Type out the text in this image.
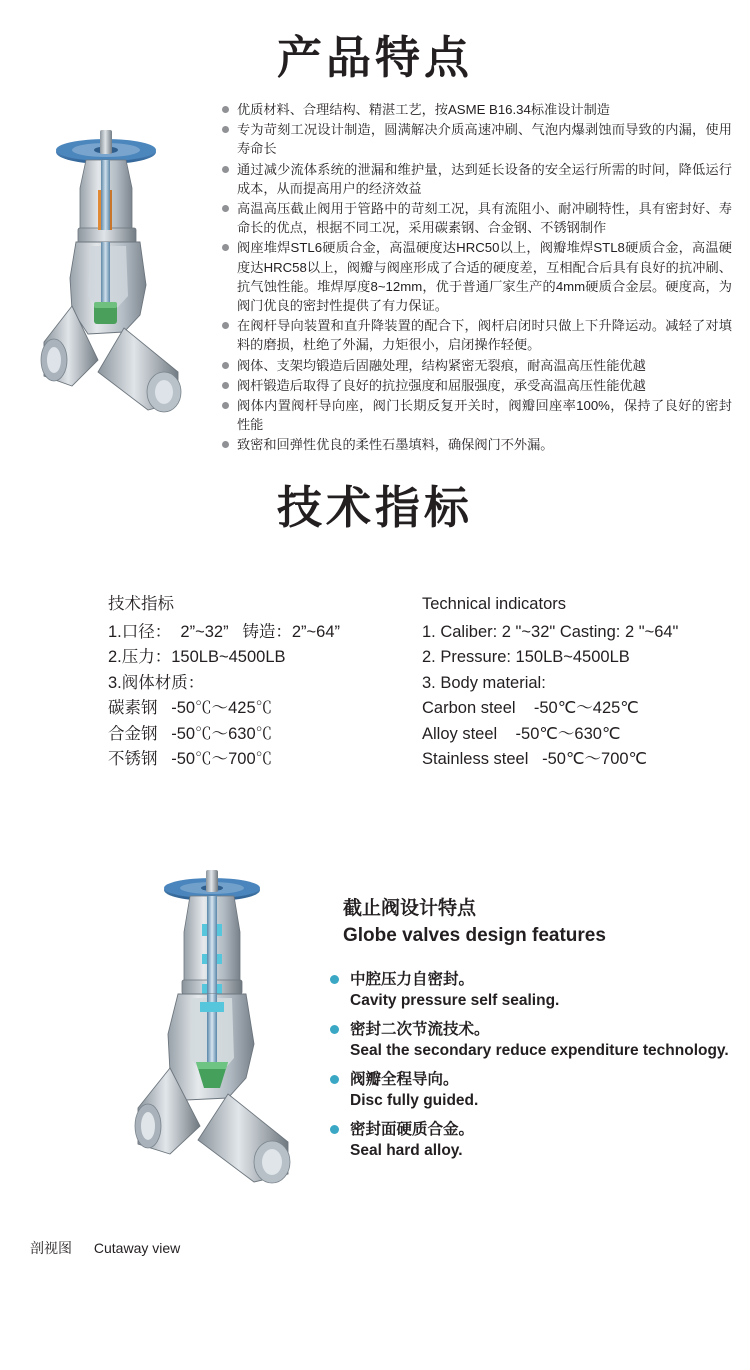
产品特点
优质材料、合理结构、精湛工艺，按ASME B16.34标准设计制造
专为苛刻工况设计制造，圆满解决介质高速冲刷、气泡内爆剥蚀而导致的内漏，使用寿命长
通过减少流体系统的泄漏和维护量，达到延长设备的安全运行所需的时间，降低运行成本，从而提高用户的经济效益
高温高压截止阀用于管路中的苛刻工况，具有流阻小、耐冲刷特性，具有密封好、寿命长的优点，根据不同工况，采用碳素钢、合金钢、不锈钢制作
阀座堆焊STL6硬质合金，高温硬度达HRC50以上，阀瓣堆焊STL8硬质合金，高温硬度达HRC58以上，阀瓣与阀座形成了合适的硬度差，互相配合后具有良好的抗冲刷、抗气蚀性能。堆焊厚度8~12mm，优于普通厂家生产的4mm硬质合金层。硬度高，为阀门优良的密封性提供了有力保证。
在阀杆导向装置和直升降装置的配合下，阀杆启闭时只做上下升降运动。减轻了对填料的磨损，杜绝了外漏，力矩很小，启闭操作轻便。
阀体、支架均锻造后固融处理，结构紧密无裂痕，耐高温高压性能优越
阀杆锻造后取得了良好的抗拉强度和屈服强度，承受高温高压性能优越
阀体内置阀杆导向座，阀门长期反复开关时，阀瓣回座率100%，保持了良好的密封性能
致密和回弹性优良的柔性石墨填料，确保阀门不外漏。
技术指标
技术指标
1.口径：  2”~32”   铸造：2”~64”
2.压力：150LB~4500LB
3.阀体材质：
碳素钢   -50℃～425℃
合金钢   -50℃～630℃
不锈钢   -50℃～700℃
Technical indicators
1. Caliber: 2 "~32" Casting: 2 "~64"
2. Pressure: 150LB~4500LB
3. Body material:
Carbon steel    -50℃～425℃
Alloy steel    -50℃～630℃
Stainless steel   -50℃～700℃
截止阀设计特点
Globe valves design features
中腔压力自密封。
Cavity pressure self sealing.
密封二次节流技术。
Seal the secondary reduce expenditure technology.
阀瓣全程导向。
Disc fully guided.
密封面硬质合金。
Seal hard alloy.
剖视图 Cutaway view
